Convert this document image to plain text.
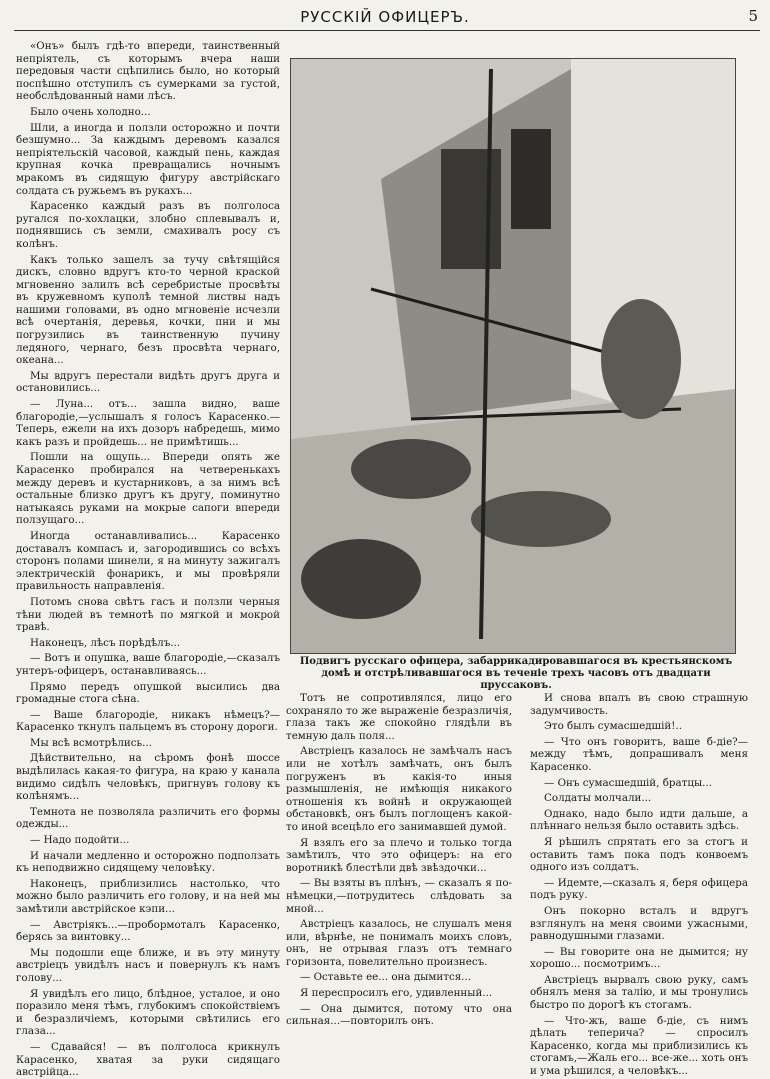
РУССКIЙ ОФИЦЕРЪ.	5

«Онъ» былъ гдѣ-то впереди, таинственный непріятель, съ которымъ вчера наши передовыя части сцѣпились было, но который поспѣшно отступилъ съ сумерками за густой, необслѣдованный нами лѣсъ.

Было очень холодно...

Шли, а иногда и ползли осторожно и почти безшумно... За каждымъ деревомъ казался непріятельскій часовой, каждый пень, каждая крупная кочка превращались ночнымъ мракомъ въ сидящую фигуру австрійскаго солдата съ ружьемъ въ рукахъ...

Карасенко каждый разъ въ полголоса ругался по-хохлацки, злобно сплевывалъ и, поднявшись съ земли, смахивалъ росу съ колѣнъ.

Какъ только зашелъ за тучу свѣтящійся дискъ, словно вдругъ кто-то черной краской мгновенно залилъ всѣ серебристые просвѣты въ кружевномъ куполѣ темной листвы надъ нашими головами, въ одно мгновеніе исчезли всѣ очертанія, деревья, кочки, пни и мы погрузились въ таинственную пучину ледяного, чернаго, безъ просвѣта чернаго, океана...

Мы вдругъ перестали видѣть другъ друга и остановились...

— Луна... отъ... зашла видно, ваше благородіе,—услышалъ я голосъ Карасенко.—Теперь, ежели на ихъ дозоръ набредешь, мимо какъ разъ и пройдешь... не примѣтишь...

Пошли на ощупь... Впереди опять же Карасенко пробирался на четверенькахъ между деревъ и кустарниковъ, а за нимъ всѣ остальные близко другъ къ другу, поминутно натыкаясь руками на мокрые сапоги впереди ползущаго...

Иногда останавливались... Карасенко доставалъ компасъ и, загородившись со всѣхъ сторонъ полами шинели, я на минуту зажигалъ электрическій фонарикъ, и мы провѣряли правильность направленія.

Потомъ снова свѣтъ гасъ и ползли черныя тѣни людей въ темнотѣ по мягкой и мокрой травѣ.

Наконецъ, лѣсъ порѣдѣлъ...

— Вотъ и опушка, ваше благородіе,—сказалъ унтеръ-офицеръ, останавливаясь...

Прямо передъ опушкой высились два громадные стога сѣна.

— Ваше благородіе, никакъ нѣмецъ?—Карасенко ткнулъ пальцемъ въ сторону дороги.

Мы всѣ всмотрѣлись...

Дѣйствительно, на сѣромъ фонѣ шоссе выдѣлилась какая-то фигура, на краю у канала видимо сидѣлъ человѣкъ, пригнувъ голову къ колѣнямъ...

Темнота не позволяла различить его формы одежды...

— Надо подойти...

И начали медленно и осторожно подползать къ неподвижно сидящему человѣку.

Наконецъ, приблизились настолько, что можно было различить его голову, и на ней мы замѣтили австрійское кэпи...

— Австріякъ...—пробормоталъ Карасенко, берясь за винтовку...

Мы подошли еще ближе, и въ эту минуту австріецъ увидѣлъ насъ и повернулъ къ намъ голову...

Я увидѣлъ его лицо, блѣдное, усталое, и оно поразило меня тѣмъ, глубокимъ спокойствіемъ и безразличіемъ, которыми свѣтились его глаза...

— Сдавайся! — въ полголоса крикнулъ Карасенко, хватая за руки сидящаго австрійца...

Подвигъ русскаго офицера, забаррикадировавшагося въ крестьянскомъ домѣ и отстрѣливавшагося въ теченіе трехъ часовъ отъ двадцати пруссаковъ.

Тотъ не сопротивлялся, лицо его сохраняло то же выраженіе безразличія, глаза такъ же спокойно глядѣли въ темную даль поля...

Австріецъ казалось не замѣчалъ насъ или не хотѣлъ замѣчать, онъ былъ погруженъ въ какія-то иныя размышленія, не имѣющія никакого отношенія къ войнѣ и окружающей обстановкѣ, онъ былъ поглощенъ какой-то иной всецѣло его занимавшей думой.

Я взялъ его за плечо и только тогда замѣтилъ, что это офицеръ: на его воротникѣ блестѣли двѣ звѣздочки...

— Вы взяты въ плѣнъ, — сказалъ я по-нѣмецки,—потрудитесь слѣдовать за мной...

Австріецъ казалось, не слушалъ меня или, вѣрнѣе, не понималъ моихъ словъ, онъ, не отрывая глазъ отъ темнаго горизонта, повелительно произнесъ.

— Оставьте ее... она дымится...

Я переспросилъ его, удивленный...

— Она дымится, потому что она сильная...—повторилъ онъ.

И снова впалъ въ свою страшную задумчивость.

Это былъ сумасшедшій!..

— Что онъ говоритъ, ваше б-діе?—между тѣмъ, допрашивалъ меня Карасенко.

— Онъ сумасшедшій, братцы...

Солдаты молчали...

Однако, надо было идти дальше, а плѣннаго нельзя было оставить здѣсь.

Я рѣшилъ спрятать его за стогъ и оставить тамъ пока подъ конвоемъ одного изъ солдатъ.

— Идемте,—сказалъ я, беря офицера подъ руку.

Онъ покорно всталъ и вдругъ взглянулъ на меня своими ужасными, равнодушными глазами.

— Вы говорите она не дымится; ну хорошо... посмотримъ...

Австріецъ вырвалъ свою руку, самъ обнялъ меня за талію, и мы тронулись быстро по дорогѣ къ стогамъ.

— Что-жъ, ваше б-діе, съ нимъ дѣлать теперича? — спросилъ Карасенко, когда мы приблизились къ стогамъ,—Жаль его... все-же... хоть онъ и ума рѣшился, а человѣкъ...
